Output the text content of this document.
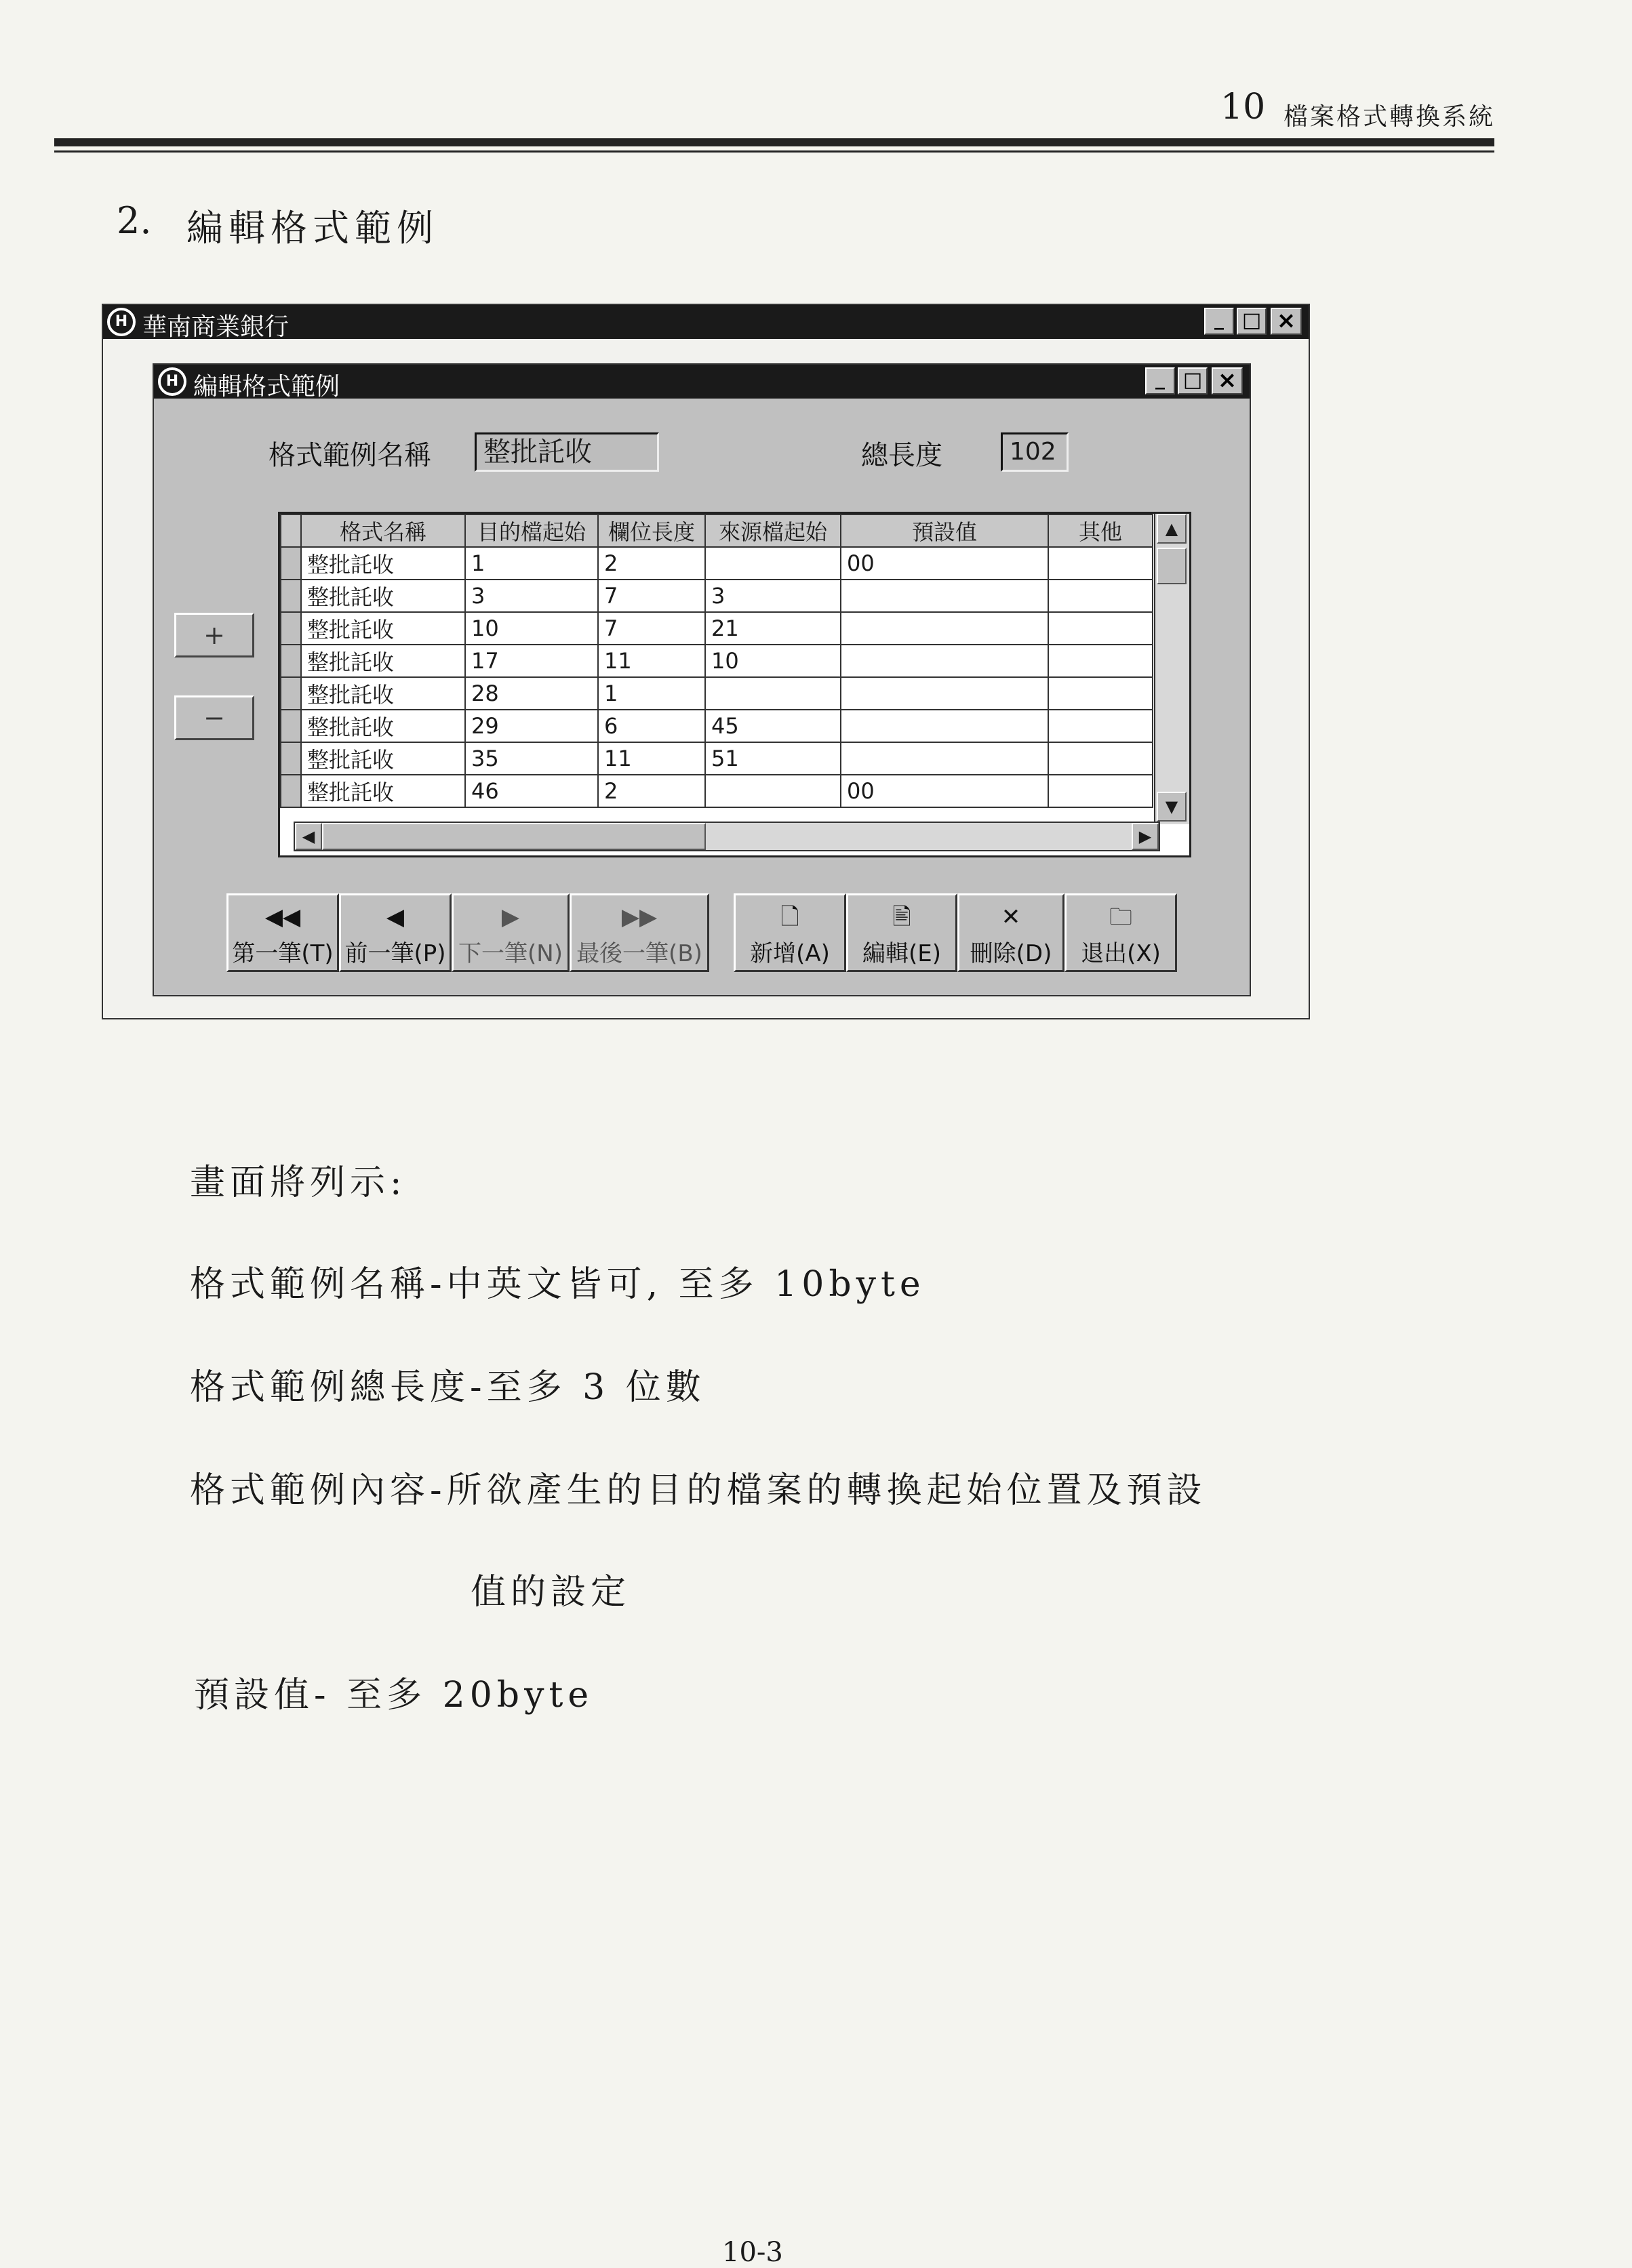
10 檔案格式轉換系統
2. 編輯格式範例
H 華南商業銀行	_ □ ×
H 編輯格式範例	_ □ ×
格式範例名稱	整批託收	總長度	102
+
−
	格式名稱	目的檔起始	欄位長度	來源檔起始	預設值	其他
	整批託收	1	2		00	
	整批託收	3	7	3		
	整批託收	10	7	21		
	整批託收	17	11	10		
	整批託收	28	1			
	整批託收	29	6	45		
	整批託收	35	11	51		
	整批託收	46	2		00	
▲
▼
◀	▶
◀◀
第一筆(T)
◀
前一筆(P)
▶
下一筆(N)
▶▶
最後一筆(B)
🗋
新增(A)
🖹
編輯(E)
✕
刪除(D)
🗀
退出(X)
畫面將列示:
格式範例名稱-中英文皆可, 至多 10byte
格式範例總長度-至多 3 位數
格式範例內容-所欲產生的目的檔案的轉換起始位置及預設
值的設定
預設值- 至多 20byte
10-3
